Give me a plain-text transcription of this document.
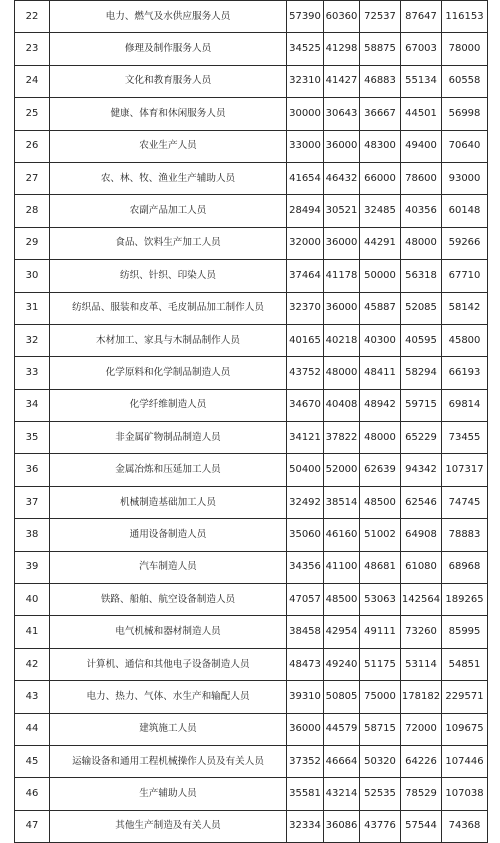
22	电力、燃气及水供应服务人员	57390	60360	72537	87647	116153
23	修理及制作服务人员	34525	41298	58875	67003	78000
24	文化和教育服务人员	32310	41427	46883	55134	60558
25	健康、体育和休闲服务人员	30000	30643	36667	44501	56998
26	农业生产人员	33000	36000	48300	49400	70640
27	农、林、牧、渔业生产辅助人员	41654	46432	66000	78600	93000
28	农副产品加工人员	28494	30521	32485	40356	60148
29	食品、饮料生产加工人员	32000	36000	44291	48000	59266
30	纺织、针织、印染人员	37464	41178	50000	56318	67710
31	纺织品、服装和皮革、毛皮制品加工制作人员	32370	36000	45887	52085	58142
32	木材加工、家具与木制品制作人员	40165	40218	40300	40595	45800
33	化学原料和化学制品制造人员	43752	48000	48411	58294	66193
34	化学纤维制造人员	34670	40408	48942	59715	69814
35	非金属矿物制品制造人员	34121	37822	48000	65229	73455
36	金属冶炼和压延加工人员	50400	52000	62639	94342	107317
37	机械制造基础加工人员	32492	38514	48500	62546	74745
38	通用设备制造人员	35060	46160	51002	64908	78883
39	汽车制造人员	34356	41100	48681	61080	68968
40	铁路、船舶、航空设备制造人员	47057	48500	53063	142564	189265
41	电气机械和器材制造人员	38458	42954	49111	73260	85995
42	计算机、通信和其他电子设备制造人员	48473	49240	51175	53114	54851
43	电力、热力、气体、水生产和输配人员	39310	50805	75000	178182	229571
44	建筑施工人员	36000	44579	58715	72000	109675
45	运输设备和通用工程机械操作人员及有关人员	37352	46664	50320	64226	107446
46	生产辅助人员	35581	43214	52535	78529	107038
47	其他生产制造及有关人员	32334	36086	43776	57544	74368
